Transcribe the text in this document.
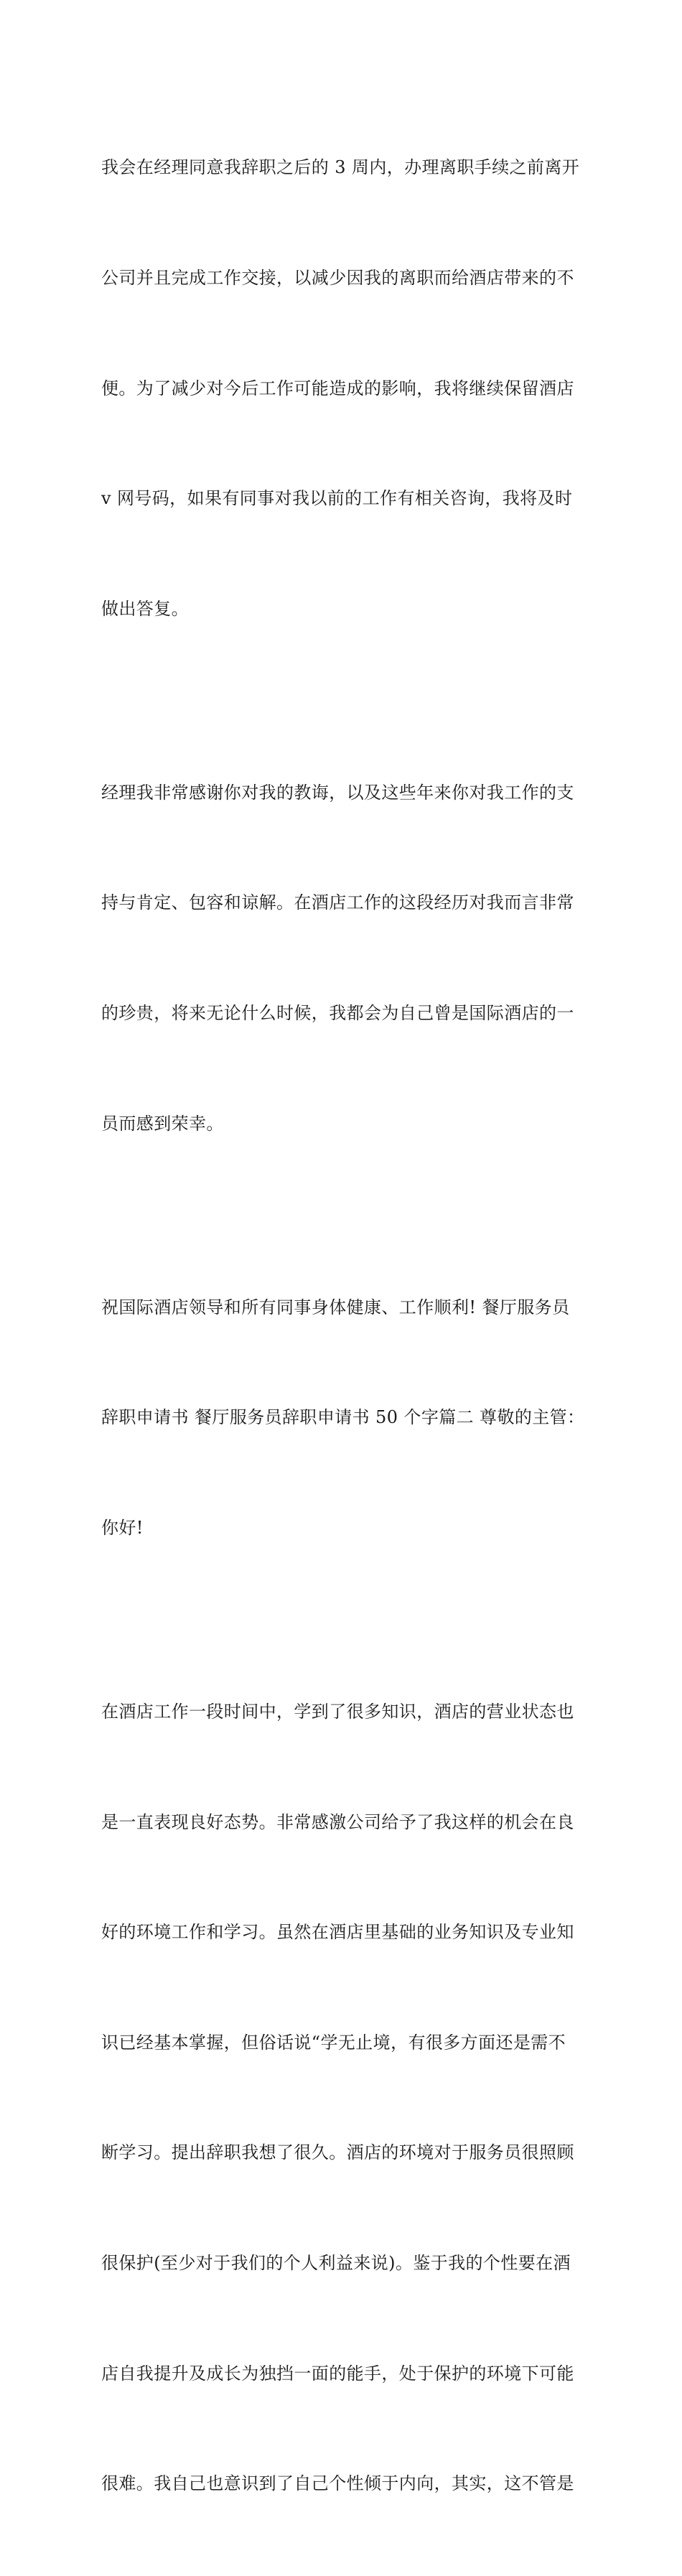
我会在经理同意我辞职之后的 3 周内，办理离职手续之前离开

公司并且完成工作交接，以减少因我的离职而给酒店带来的不

便。为了减少对今后工作可能造成的影响，我将继续保留酒店

v 网号码，如果有同事对我以前的工作有相关咨询，我将及时

做出答复。

经理我非常感谢你对我的教诲，以及这些年来你对我工作的支

持与肯定、包容和谅解。在酒店工作的这段经历对我而言非常

的珍贵，将来无论什么时候，我都会为自己曾是国际酒店的一

员而感到荣幸。

祝国际酒店领导和所有同事身体健康、工作顺利! 餐厅服务员

辞职申请书 餐厅服务员辞职申请书 50 个字篇二 尊敬的主管：

你好!

在酒店工作一段时间中，学到了很多知识，酒店的营业状态也

是一直表现良好态势。非常感激公司给予了我这样的机会在良

好的环境工作和学习。虽然在酒店里基础的业务知识及专业知

识已经基本掌握，但俗话说“学无止境，有很多方面还是需不

断学习。提出辞职我想了很久。酒店的环境对于服务员很照顾

很保护(至少对于我们的个人利益来说)。鉴于我的个性要在酒

店自我提升及成长为独挡一面的能手，处于保护的环境下可能

很难。我自己也意识到了自己个性倾于内向，其实，这不管是
